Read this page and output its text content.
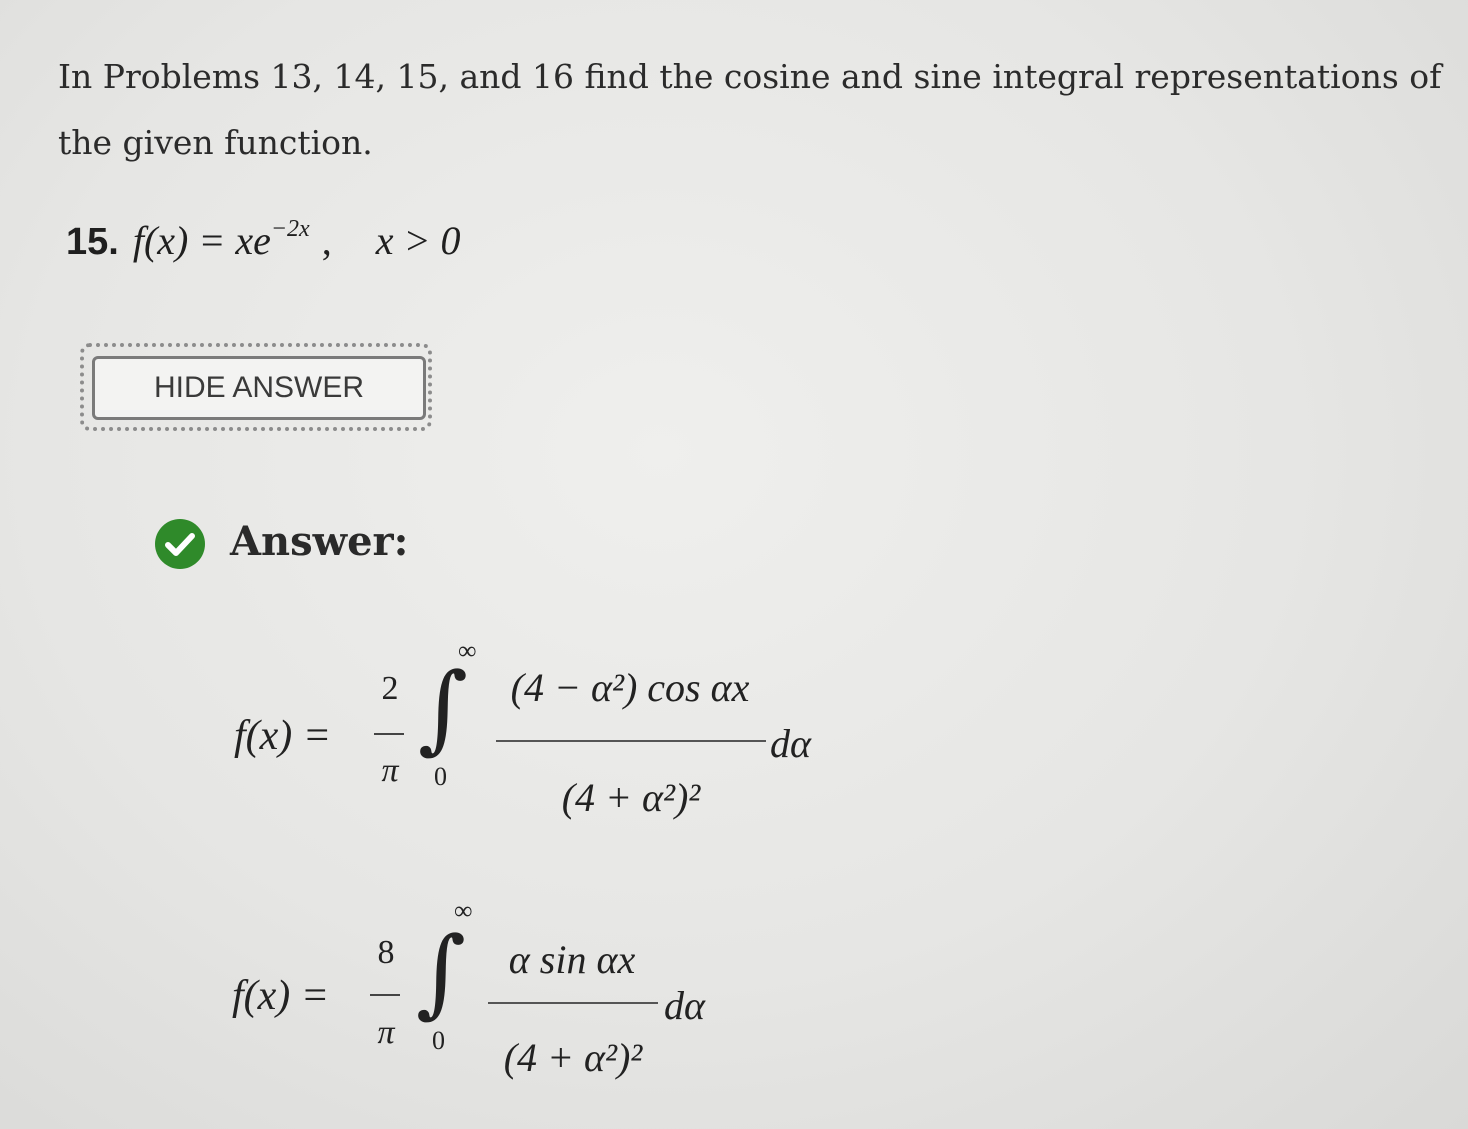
In Problems 13, 14, 15, and 16 find the cosine and sine integral representations of the given function.

15. $f(x) = xe^{-2x}$ , x > 0
HIDE ANSWER
Answer:
f(x) =
2
π
∫
∞
0
(4 − α²) cos αx
(4 + α²)²
dα
f(x) =
8
π
∫
∞
0
α sin αx
(4 + α²)²
dα
